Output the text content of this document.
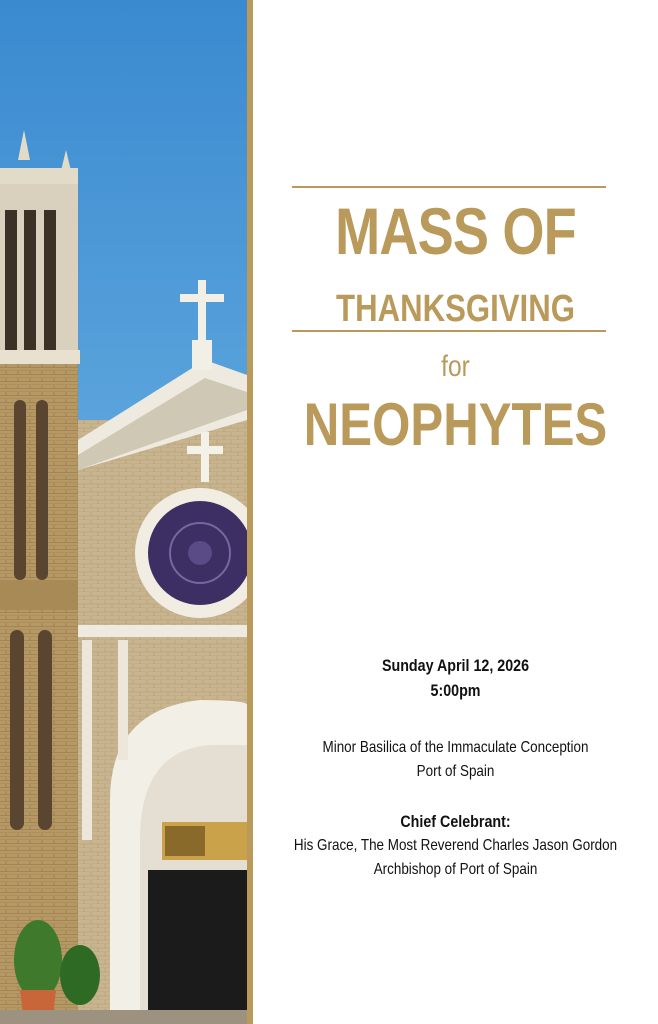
MASS OF
THANKSGIVING
for
NEOPHYTES
Sunday April 12, 2026
5:00pm
Minor Basilica of the Immaculate Conception
Port of Spain
Chief Celebrant:
His Grace, The Most Reverend Charles Jason Gordon
Archbishop of Port of Spain
